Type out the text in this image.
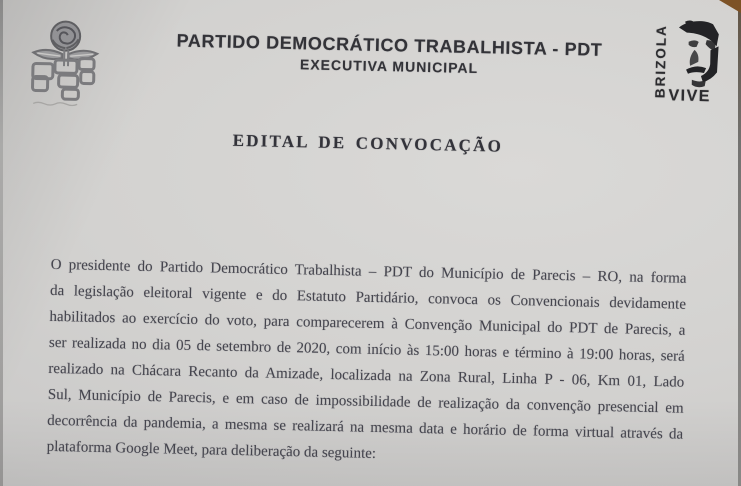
PARTIDO DEMOCRÁTICO TRABALHISTA - PDT
EXECUTIVA MUNICIPAL	BRIZOLA VIVE
EDITAL DE CONVOCAÇÃO
O presidente do Partido Democrático Trabalhista – PDT do Município de Parecis – RO, na forma
da legislação eleitoral vigente e do Estatuto Partidário, convoca os Convencionais devidamente
habilitados ao exercício do voto, para comparecerem à Convenção Municipal do PDT de Parecis, a
ser realizada no dia 05 de setembro de 2020, com início às 15:00 horas e término à 19:00 horas, será
realizado na Chácara Recanto da Amizade, localizada na Zona Rural, Linha P - 06, Km 01, Lado
Sul, Município de Parecis, e em caso de impossibilidade de realização da convenção presencial em
decorrência da pandemia, a mesma se realizará na mesma data e horário de forma virtual através da
plataforma Google Meet, para deliberação da seguinte:
